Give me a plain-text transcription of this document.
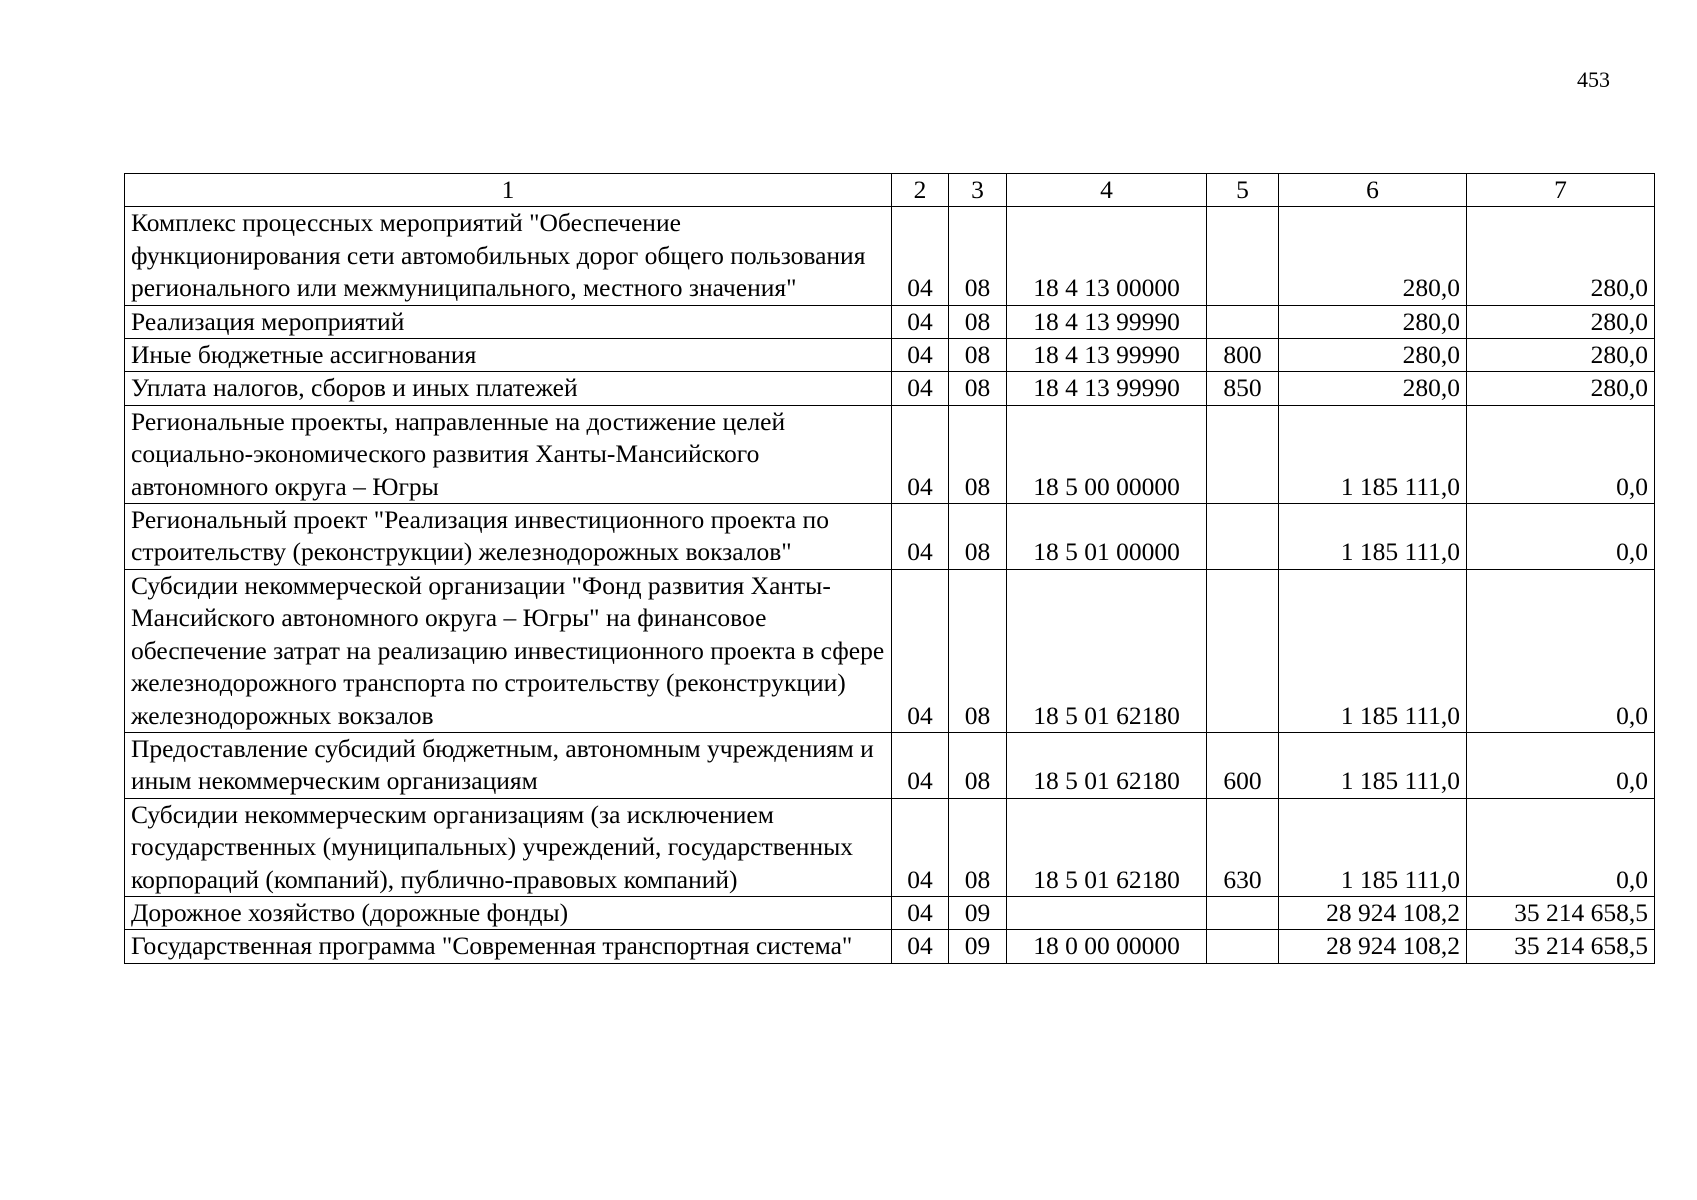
453
1	2	3	4	5	6	7
Комплекс процессных мероприятий "Обеспечение функционирования сети автомобильных дорог общего пользования регионального или межмуниципального, местного значения"	04	08	18 4 13 00000		280,0	280,0
Реализация мероприятий	04	08	18 4 13 99990		280,0	280,0
Иные бюджетные ассигнования	04	08	18 4 13 99990	800	280,0	280,0
Уплата налогов, сборов и иных платежей	04	08	18 4 13 99990	850	280,0	280,0
Региональные проекты, направленные на достижение целей социально-экономического развития Ханты-Мансийского автономного округа – Югры	04	08	18 5 00 00000		1 185 111,0	0,0
Региональный проект "Реализация инвестиционного проекта по строительству (реконструкции) железнодорожных вокзалов"	04	08	18 5 01 00000		1 185 111,0	0,0
Субсидии некоммерческой организации "Фонд развития Ханты-Мансийского автономного округа – Югры" на финансовое обеспечение затрат на реализацию инвестиционного проекта в сфере железнодорожного транспорта по строительству (реконструкции) железнодорожных вокзалов	04	08	18 5 01 62180		1 185 111,0	0,0
Предоставление субсидий бюджетным, автономным учреждениям и иным некоммерческим организациям	04	08	18 5 01 62180	600	1 185 111,0	0,0
Субсидии некоммерческим организациям (за исключением государственных (муниципальных) учреждений, государственных корпораций (компаний), публично-правовых компаний)	04	08	18 5 01 62180	630	1 185 111,0	0,0
Дорожное хозяйство (дорожные фонды)	04	09			28 924 108,2	35 214 658,5
Государственная программа "Современная транспортная система"	04	09	18 0 00 00000		28 924 108,2	35 214 658,5
